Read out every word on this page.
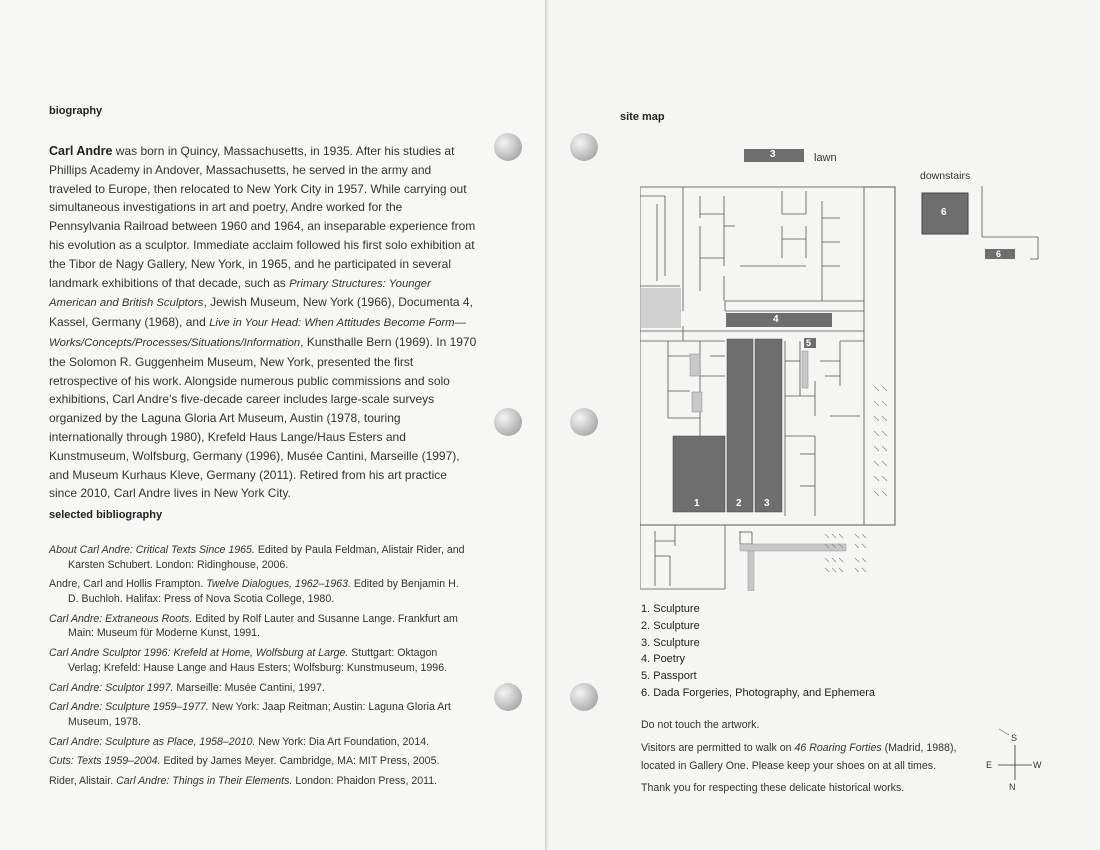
biography
Carl Andre was born in Quincy, Massachusetts, in 1935. After his studies at Phillips Academy in Andover, Massachusetts, he served in the army and traveled to Europe, then relocated to New York City in 1957. While carrying out simultaneous investigations in art and poetry, Andre worked for the Pennsylvania Railroad between 1960 and 1964, an inseparable experience from his evolution as a sculptor. Immediate acclaim followed his first solo exhibition at the Tibor de Nagy Gallery, New York, in 1965, and he participated in several landmark exhibitions of that decade, such as Primary Structures: Younger American and British Sculptors, Jewish Museum, New York (1966), Documenta 4, Kassel, Germany (1968), and Live in Your Head: When Attitudes Become Form—Works/Concepts/Processes/Situations/Information, Kunsthalle Bern (1969). In 1970 the Solomon R. Guggenheim Museum, New York, presented the first retrospective of his work. Alongside numerous public commissions and solo exhibitions, Carl Andre's five-decade career includes large-scale surveys organized by the Laguna Gloria Art Museum, Austin (1978, touring internationally through 1980), Krefeld Haus Lange/Haus Esters and Kunstmuseum, Wolfsburg, Germany (1996), Musée Cantini, Marseille (1997), and Museum Kurhaus Kleve, Germany (2011). Retired from his art practice since 2010, Carl Andre lives in New York City.
selected bibliography
About Carl Andre: Critical Texts Since 1965. Edited by Paula Feldman, Alistair Rider, and Karsten Schubert. London: Ridinghouse, 2006.
Andre, Carl and Hollis Frampton. Twelve Dialogues, 1962–1963. Edited by Benjamin H. D. Buchloh. Halifax: Press of Nova Scotia College, 1980.
Carl Andre: Extraneous Roots. Edited by Rolf Lauter and Susanne Lange. Frankfurt am Main: Museum für Moderne Kunst, 1991.
Carl Andre Sculptor 1996: Krefeld at Home, Wolfsburg at Large. Stuttgart: Oktagon Verlag; Krefeld: Hause Lange and Haus Esters; Wolfsburg: Kunstmuseum, 1996.
Carl Andre: Sculptor 1997. Marseille: Musée Cantini, 1997.
Carl Andre: Sculpture 1959–1977. New York: Jaap Reitman; Austin: Laguna Gloria Art Museum, 1978.
Carl Andre: Sculpture as Place, 1958–2010. New York: Dia Art Foundation, 2014.
Cuts: Texts 1959–2004. Edited by James Meyer. Cambridge, MA: MIT Press, 2005.
Rider, Alistair. Carl Andre: Things in Their Elements. London: Phaidon Press, 2011.
site map
3	lawn
downstairs
4
5
1	2 3
6
6
1. Sculpture
2. Sculpture
3. Sculpture
4. Poetry
5. Passport
6. Dada Forgeries, Photography, and Ephemera

Do not touch the artwork.

Visitors are permitted to walk on 46 Roaring Forties (Madrid, 1988), located in Gallery One. Please keep your shoes on at all times.

Thank you for respecting these delicate historical works.

S
E	W
N
